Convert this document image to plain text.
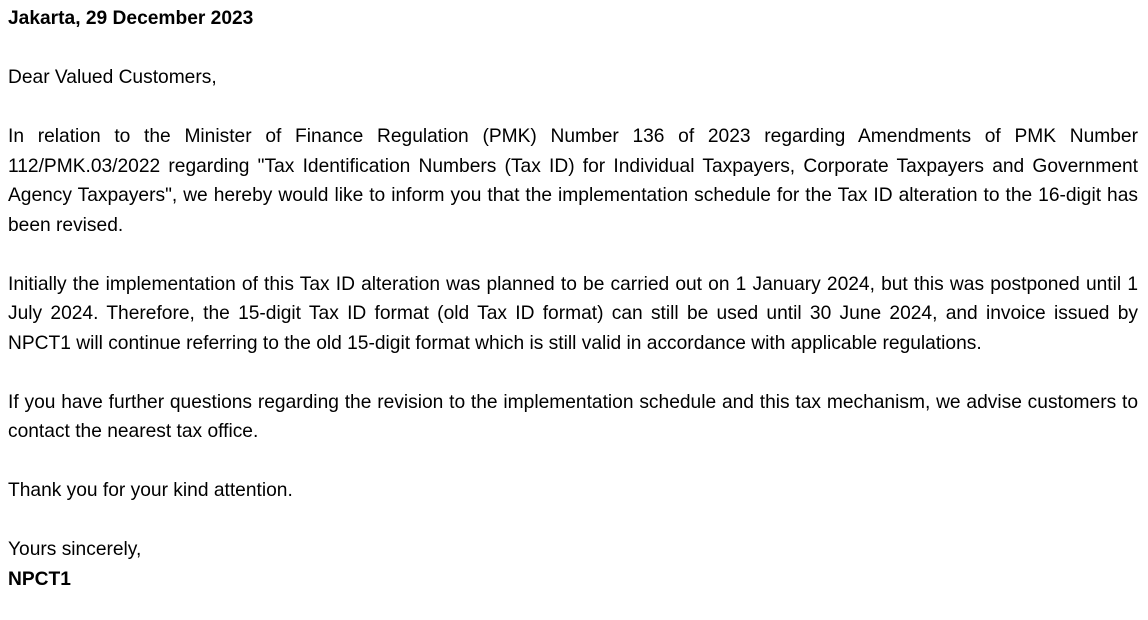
Jakarta, 29 December 2023

Dear Valued Customers,

In relation to the Minister of Finance Regulation (PMK) Number 136 of 2023 regarding Amendments of PMK Number 112/PMK.03/2022 regarding "Tax Identification Numbers (Tax ID) for Individual Taxpayers, Corporate Taxpayers and Government Agency Taxpayers", we hereby would like to inform you that the implementation schedule for the Tax ID alteration to the 16-digit has been revised.

Initially the implementation of this Tax ID alteration was planned to be carried out on 1 January 2024, but this was postponed until 1 July 2024. Therefore, the 15-digit Tax ID format (old Tax ID format) can still be used until 30 June 2024, and invoice issued by NPCT1 will continue referring to the old 15-digit format which is still valid in accordance with applicable regulations.

If you have further questions regarding the revision to the implementation schedule and this tax mechanism, we advise customers to contact the nearest tax office.

Thank you for your kind attention.

Yours sincerely,

NPCT1
